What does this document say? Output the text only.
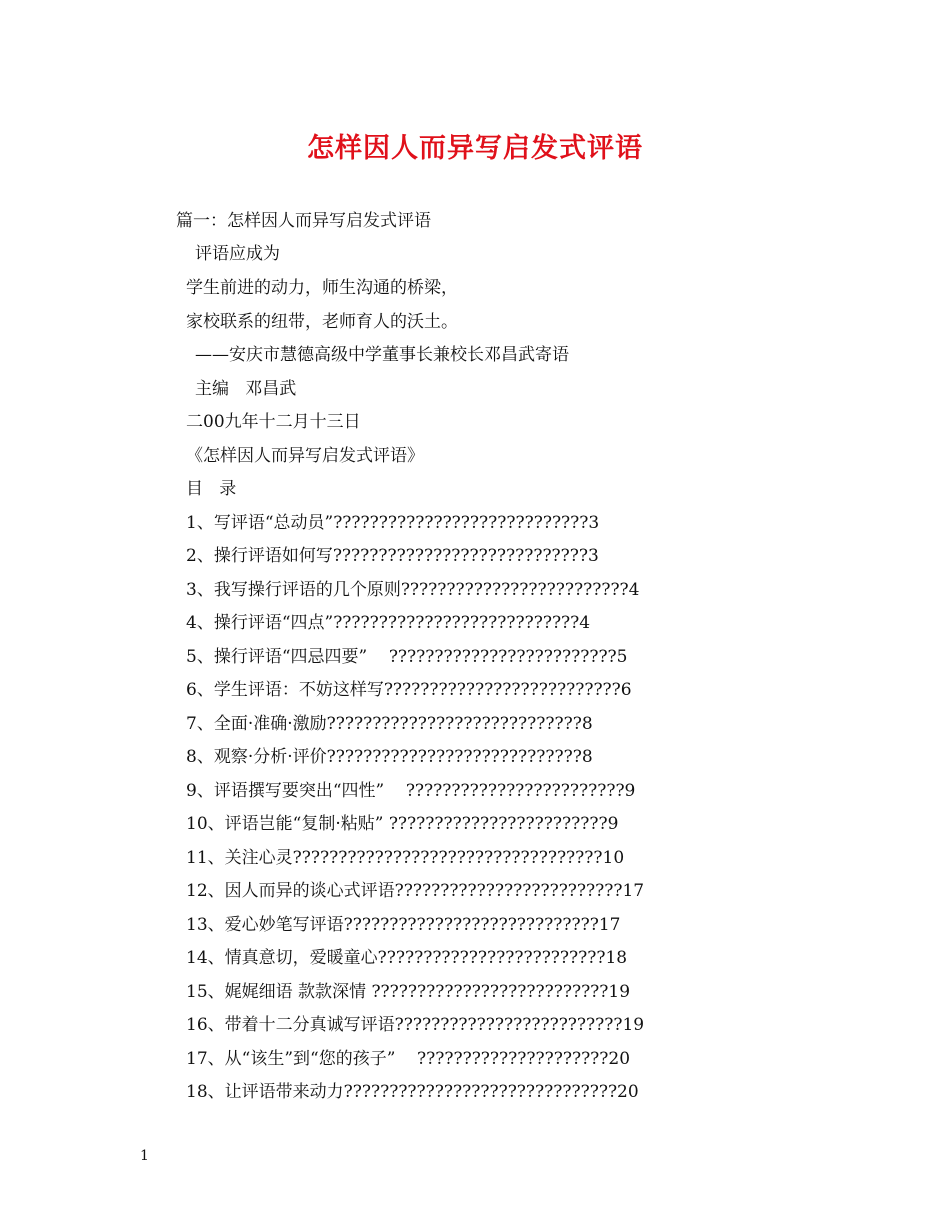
怎样因人而异写启发式评语
篇一：怎样因人而异写启发式评语
评语应成为
学生前进的动力，师生沟通的桥梁，
家校联系的纽带，老师育人的沃土。
——安庆市慧德高级中学董事长兼校长邓昌武寄语
主编   邓昌武
二00九年十二月十三日
《怎样因人而异写启发式评语》
目   录
1、写评语“总动员”????????????????????????????3
2、操行评语如何写????????????????????????????3
3、我写操行评语的几个原则?????????????????????????4
4、操行评语“四点”???????????????????????????4
5、操行评语“四忌四要”    ?????????????????????????5
6、学生评语：不妨这样写??????????????????????????6
7、全面·准确·激励????????????????????????????8
8、观察·分析·评价????????????????????????????8
9、评语撰写要突出“四性”    ????????????????????????9
10、评语岂能“复制·粘贴” ????????????????????????9
11、关注心灵??????????????????????????????????10
12、因人而异的谈心式评语?????????????????????????17
13、爱心妙笔写评语????????????????????????????17
14、情真意切，爱暖童心?????????????????????????18
15、娓娓细语 款款深情 ??????????????????????????19
16、带着十二分真诚写评语?????????????????????????19
17、从“该生”到“您的孩子”    ?????????????????????20
18、让评语带来动力??????????????????????????????20
1
